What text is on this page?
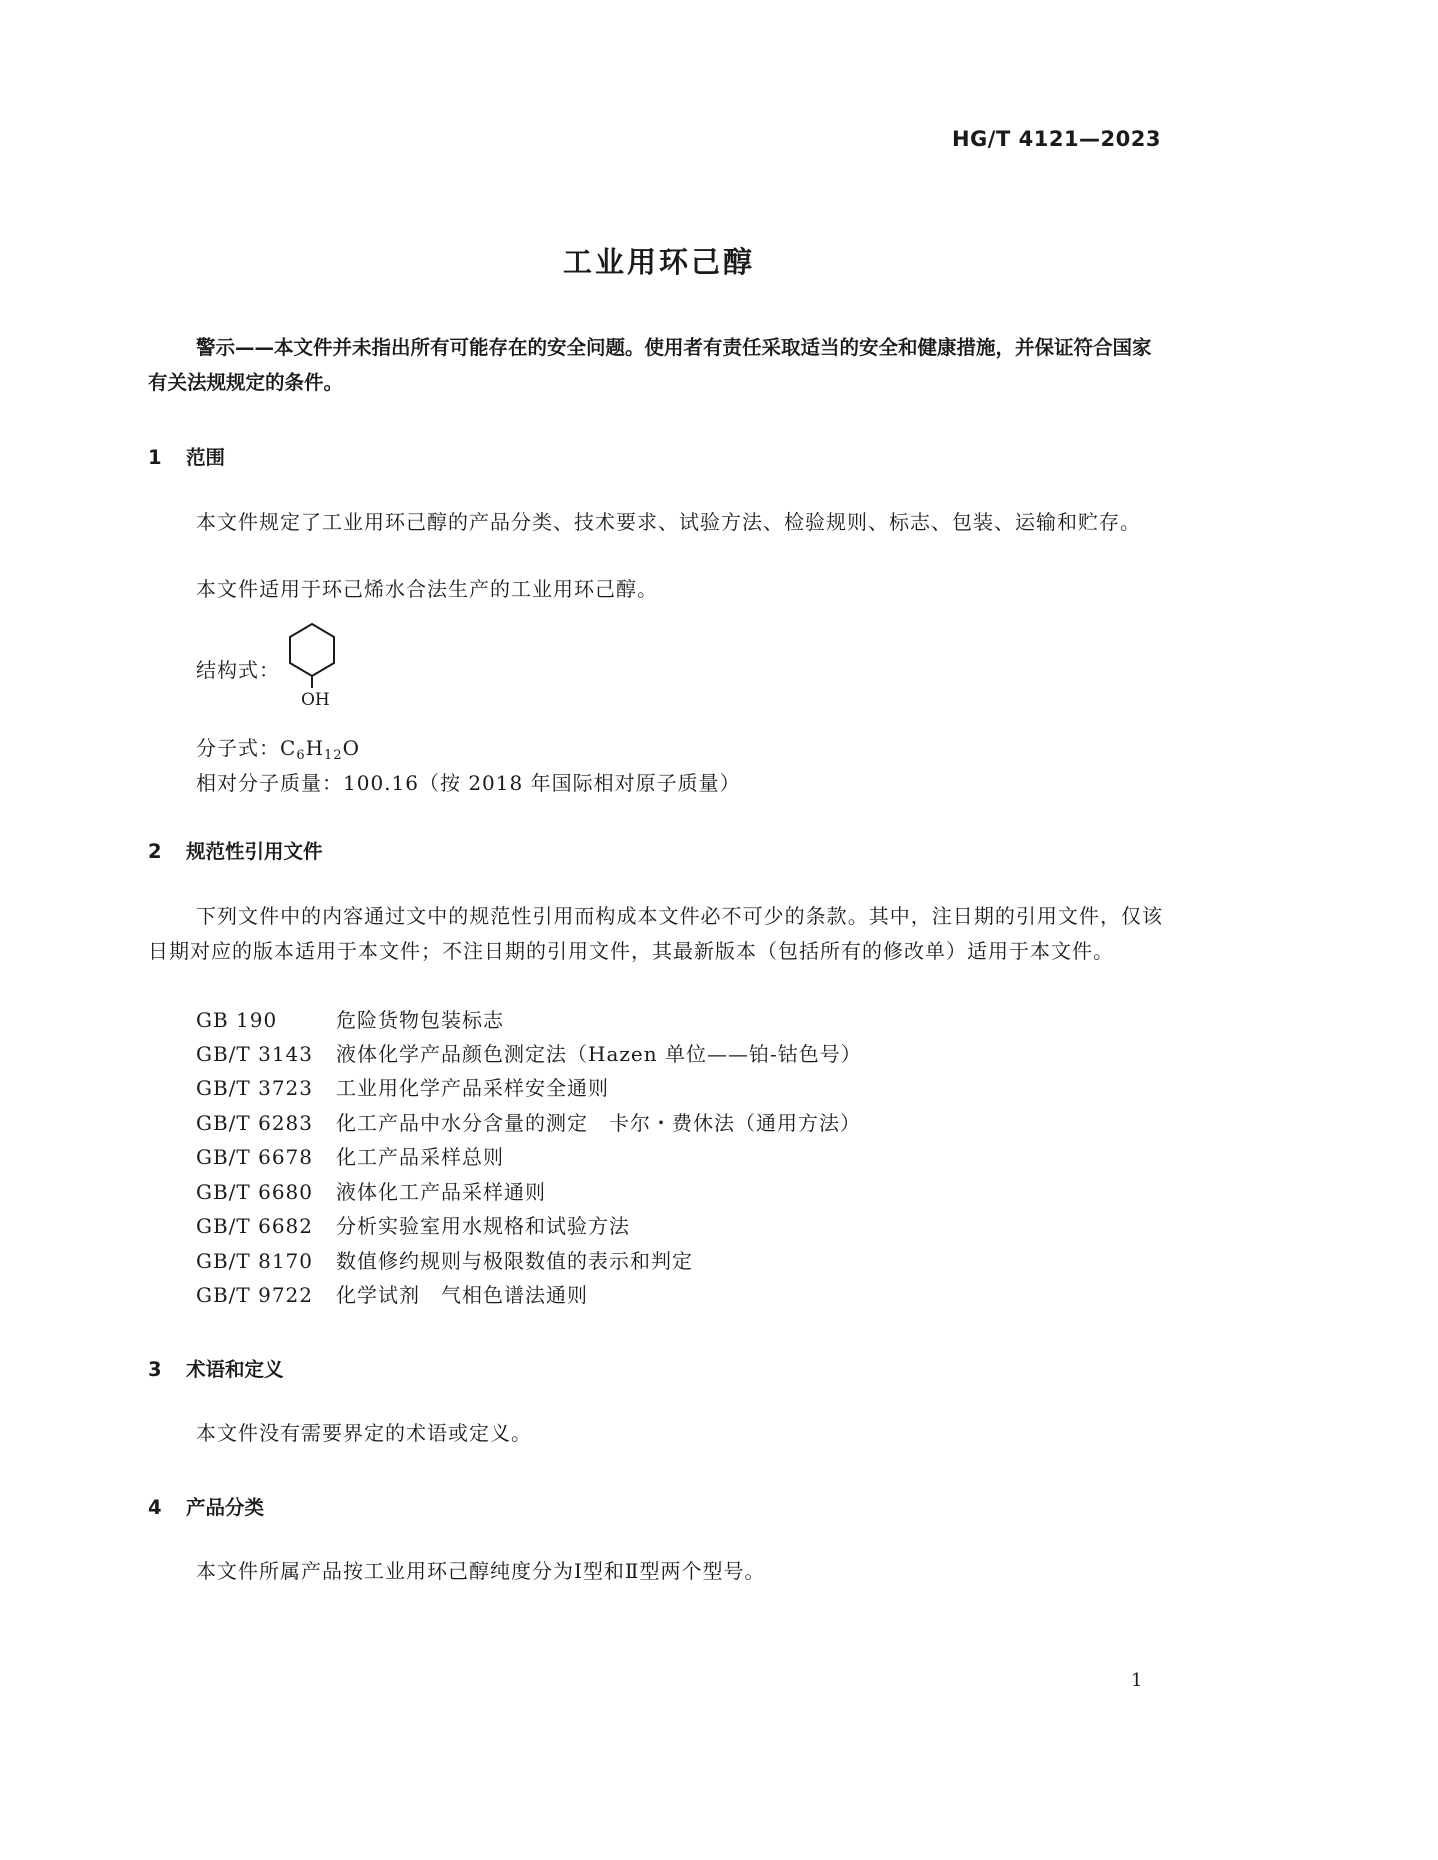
HG/T 4121—2023
工业用环己醇
警示——本文件并未指出所有可能存在的安全问题。使用者有责任采取适当的安全和健康措施，并保证符合国家有关法规规定的条件。
1 范围
本文件规定了工业用环己醇的产品分类、技术要求、试验方法、检验规则、标志、包装、运输和贮存。
本文件适用于环己烯水合法生产的工业用环己醇。
结构式：
OH
分子式：$C_6H_{12}O$
相对分子质量：100.16（按 2018 年国际相对原子质量）
2 规范性引用文件
下列文件中的内容通过文中的规范性引用而构成本文件必不可少的条款。其中，注日期的引用文件，仅该日期对应的版本适用于本文件；不注日期的引用文件，其最新版本（包括所有的修改单）适用于本文件。
GB 190	危险货物包装标志
GB/T 3143 液体化学产品颜色测定法（Hazen 单位——铂-钴色号）
GB/T 3723 工业用化学产品采样安全通则
GB/T 6283 化工产品中水分含量的测定　卡尔・费休法（通用方法）
GB/T 6678 化工产品采样总则
GB/T 6680 液体化工产品采样通则
GB/T 6682 分析实验室用水规格和试验方法
GB/T 8170 数值修约规则与极限数值的表示和判定
GB/T 9722 化学试剂　气相色谱法通则
3 术语和定义
本文件没有需要界定的术语或定义。
4 产品分类
本文件所属产品按工业用环己醇纯度分为Ⅰ型和Ⅱ型两个型号。
1
